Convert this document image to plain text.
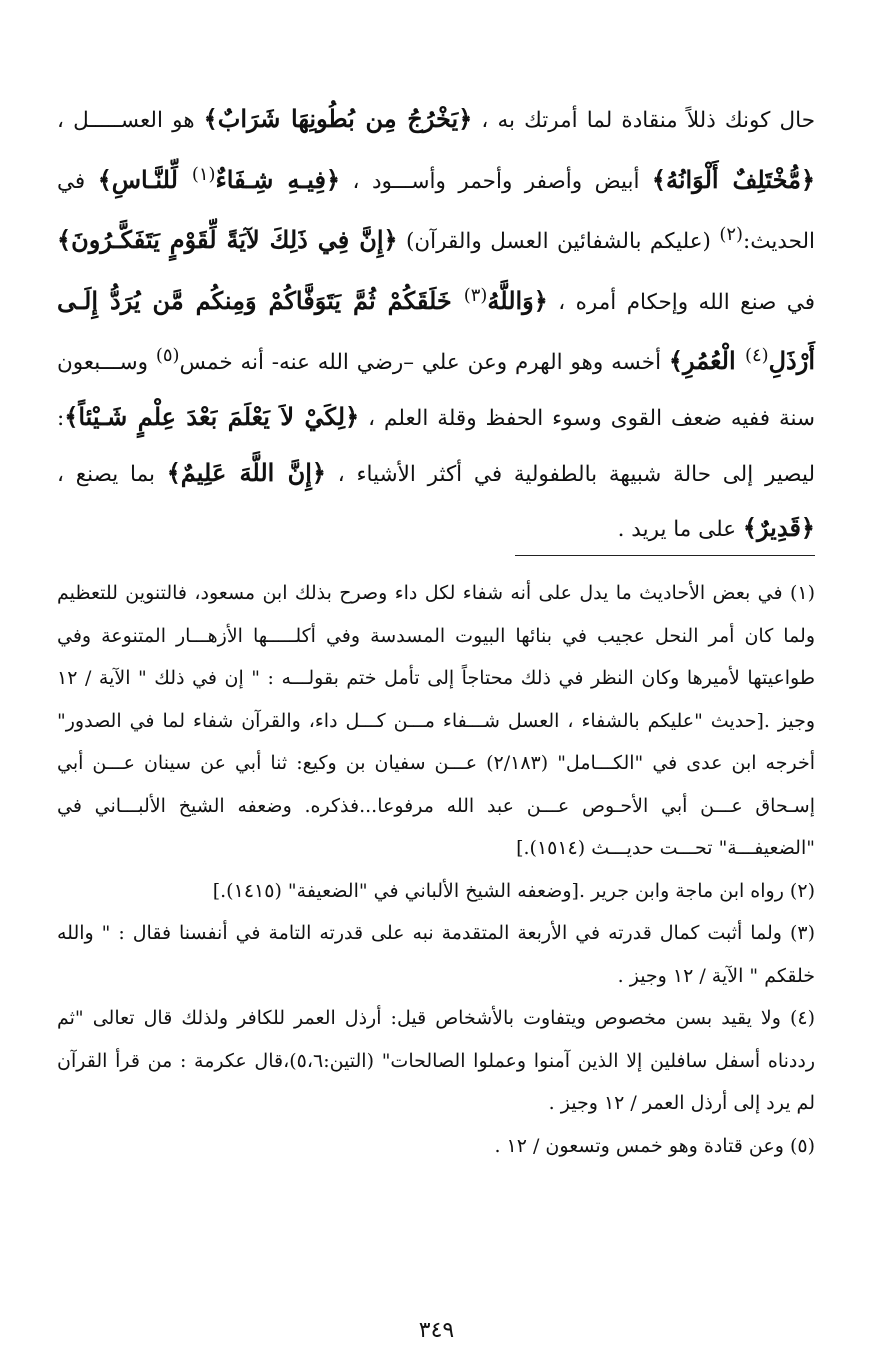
حال كونك ذللاً منقادة لما أمرتك به ، ﴿يَخْرُجُ مِن بُطُونِهَا شَرَابٌ﴾ هو العســـــل ، ﴿مُّخْتَلِفٌ أَلْوَانُهُ﴾ أبيض وأصفر وأحمر وأســـود ، ﴿فِيـهِ شِـفَاءٌ$^{(١)}$ لِّلنَّـاسِ﴾ في الحديث:$^{(٢)}$ (عليكم بالشفائين العسل والقرآن) ﴿إِنَّ فِي ذَلِكَ لآيَةً لِّقَوْمٍ يَتَفَكَّـرُونَ﴾ في صنع الله وإحكام أمره ، ﴿وَاللَّهُ$^{(٣)}$ خَلَقَكُمْ ثُمَّ يَتَوَفَّاكُمْ وَمِنكُم مَّن يُرَدُّ إِلَـى أَرْذَلِ$^{(٤)}$ الْعُمُرِ﴾ أخسه وهو الهرم وعن علي –رضي الله عنه- أنه خمس$^{(٥)}$ وســـبعون سنة ففيه ضعف القوى وسوء الحفظ وقلة العلم ، ﴿لِكَيْ لاَ يَعْلَمَ بَعْدَ عِلْمٍ شَـيْئاً﴾: ليصير إلى حالة شبيهة بالطفولية في أكثر الأشياء ، ﴿إِنَّ اللَّهَ عَلِيمٌ﴾ بما يصنع ، ﴿قَدِيرٌ﴾ على ما يريد .

(١) في بعض الأحاديث ما يدل على أنه شفاء لكل داء وصرح بذلك ابن مسعود، فالتنوين للتعظيم ولما كان أمر النحل عجيب في بنائها البيوت المسدسة وفي أكلـــــها الأزهـــار المتنوعة وفي طواعيتها لأميرها وكان النظر في ذلك محتاجاً إلى تأمل ختم بقولـــه : " إن في ذلك " الآية / ١٢ وجيز .[حديث "عليكم بالشفاء ، العسل شـــفاء مـــن كـــل داء، والقرآن شفاء لما في الصدور" أخرجه ابن عدى في "الكـــامل" (٢/١٨٣) عـــن سفيان بن وكيع: ثنا أبي عن سينان عـــن أبي إسـحاق عـــن أبي الأحـوص عـــن عبد الله مرفوعا...فذكره. وضعفه الشيخ الألبـــاني في "الضعيفـــة" تحـــت حديـــث (١٥١٤).]

(٢) رواه ابن ماجة وابن جرير .[وضعفه الشيخ الألباني في "الضعيفة" (١٤١٥).]

(٣) ولما أثبت كمال قدرته في الأربعة المتقدمة نبه على قدرته التامة في أنفسنا فقال : " والله خلقكم " الآية / ١٢ وجيز .

(٤) ولا يقيد بسن مخصوص ويتفاوت بالأشخاص قيل: أرذل العمر للكافر ولذلك قال تعالى "ثم رددناه أسفل سافلين إلا الذين آمنوا وعملوا الصالحات" (التين:٥،٦)،قال عكرمة : من قرأ القرآن لم يرد إلى أرذل العمر / ١٢ وجيز .

(٥) وعن قتادة وهو خمس وتسعون / ١٢ .

٣٤٩
